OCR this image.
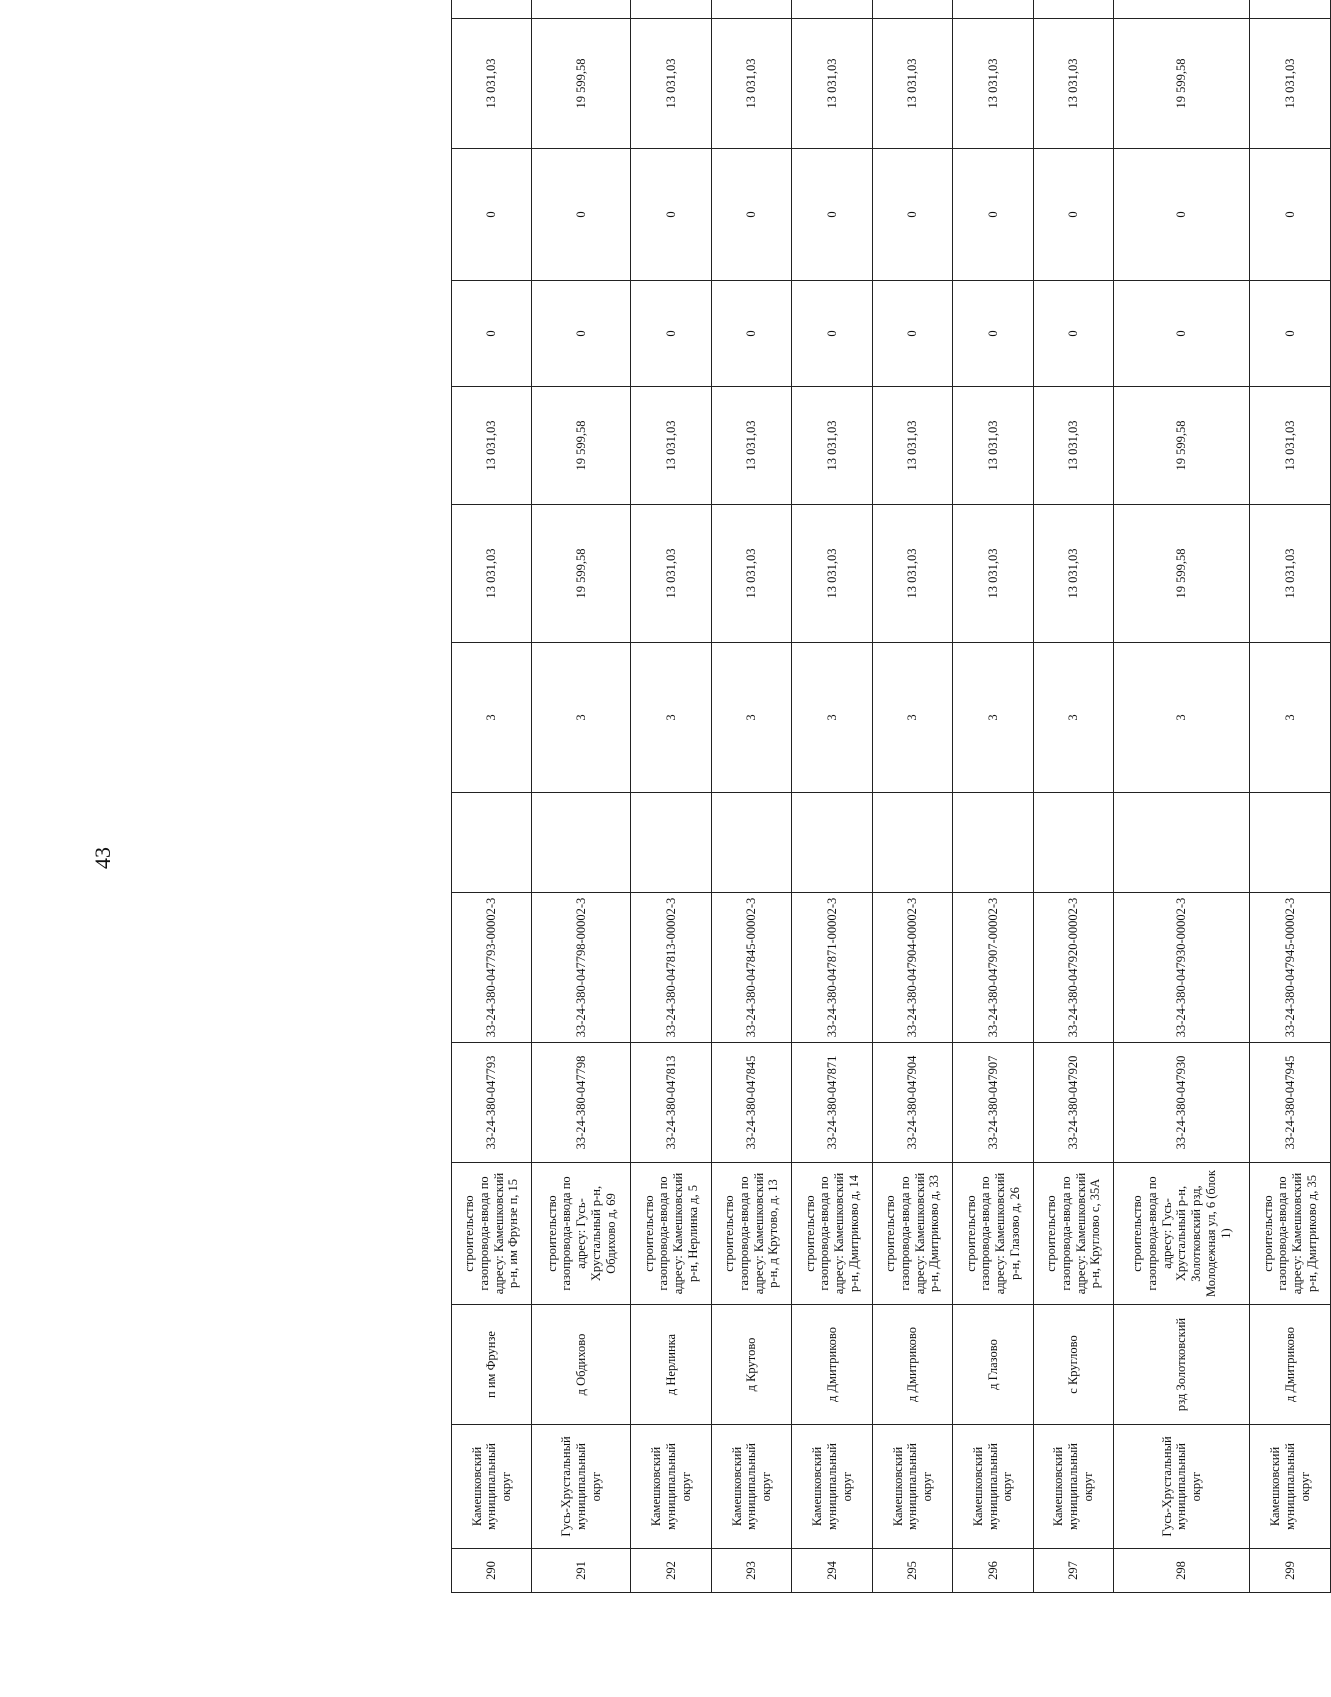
43
290	Камешковский муниципальный округ	п им Фрунзе	строительство газопровода-ввода по адресу: Камешковский р-н, им Фрунзе п, 15	33-24-380-047793	33-24-380-047793-00002-3		3	13 031,03	13 031,03	0	0	13 031,03	
291	Гусь-Хрустальный муниципальный округ	д Обдихово	строительство газопровода-ввода по адресу: Гусь-Хрустальный р-н, Обдихово д, 69	33-24-380-047798	33-24-380-047798-00002-3		3	19 599,58	19 599,58	0	0	19 599,58	
292	Камешковский муниципальный округ	д Нерлинка	строительство газопровода-ввода по адресу: Камешковский р-н, Нерлинка д, 5	33-24-380-047813	33-24-380-047813-00002-3		3	13 031,03	13 031,03	0	0	13 031,03	
293	Камешковский муниципальный округ	д Крутово	строительство газопровода-ввода по адресу: Камешковский р-н, д Крутово, д. 13	33-24-380-047845	33-24-380-047845-00002-3		3	13 031,03	13 031,03	0	0	13 031,03	
294	Камешковский муниципальный округ	д Дмитриково	строительство газопровода-ввода по адресу: Камешковский р-н, Дмитриково д, 14	33-24-380-047871	33-24-380-047871-00002-3		3	13 031,03	13 031,03	0	0	13 031,03	
295	Камешковский муниципальный округ	д Дмитриково	строительство газопровода-ввода по адресу: Камешковский р-н, Дмитриково д, 33	33-24-380-047904	33-24-380-047904-00002-3		3	13 031,03	13 031,03	0	0	13 031,03	
296	Камешковский муниципальный округ	д Глазово	строительство газопровода-ввода по адресу: Камешковский р-н, Глазово д, 26	33-24-380-047907	33-24-380-047907-00002-3		3	13 031,03	13 031,03	0	0	13 031,03	
297	Камешковский муниципальный округ	с Круглово	строительство газопровода-ввода по адресу: Камешковский р-н, Круглово с, 35А	33-24-380-047920	33-24-380-047920-00002-3		3	13 031,03	13 031,03	0	0	13 031,03	
298	Гусь-Хрустальный муниципальный округ	рзд Золотковский	строительство газопровода-ввода по адресу: Гусь-Хрустальный р-н, Золотковский рзд, Молодежная ул, 6 (блок 1)	33-24-380-047930	33-24-380-047930-00002-3		3	19 599,58	19 599,58	0	0	19 599,58	
299	Камешковский муниципальный округ	д Дмитриково	строительство газопровода-ввода по адресу: Камешковский р-н, Дмитриково д, 35	33-24-380-047945	33-24-380-047945-00002-3		3	13 031,03	13 031,03	0	0	13 031,03	
